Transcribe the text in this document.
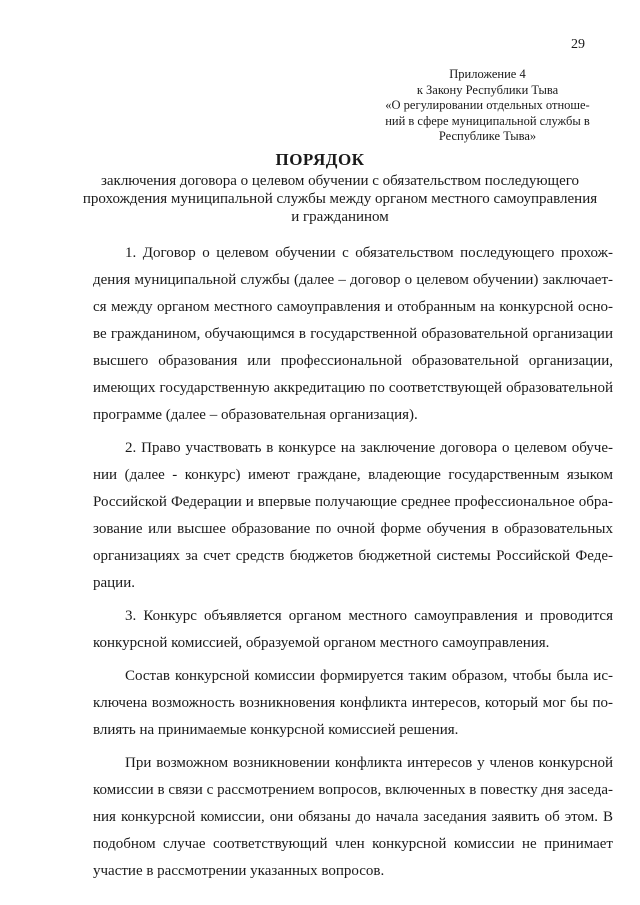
29
Приложение 4
к Закону Республики Тыва
«О регулировании отдельных отноше-
ний в сфере муниципальной службы в
Республике Тыва»
ПОРЯДОК
заключения договора о целевом обучении с обязательством последующего
прохождения муниципальной службы между органом местного самоуправления
и гражданином
1. Договор о целевом обучении с обязательством последующего прохож-
дения муниципальной службы (далее – договор о целевом обучении) заключает-
ся между органом местного самоуправления и отобранным на конкурсной осно-
ве гражданином, обучающимся в государственной образовательной организации
высшего образования или профессиональной образовательной организации,
имеющих государственную аккредитацию по соответствующей образовательной
программе (далее – образовательная организация).
2. Право участвовать в конкурсе на заключение договора о целевом обуче-
нии (далее - конкурс) имеют граждане, владеющие государственным языком
Российской Федерации и впервые получающие среднее профессиональное обра-
зование или высшее образование по очной форме обучения в образовательных
организациях за счет средств бюджетов бюджетной системы Российской Феде-
рации.
3. Конкурс объявляется органом местного самоуправления и проводится
конкурсной комиссией, образуемой органом местного самоуправления.
Состав конкурсной комиссии формируется таким образом, чтобы была ис-
ключена возможность возникновения конфликта интересов, который мог бы по-
влиять на принимаемые конкурсной комиссией решения.
При возможном возникновении конфликта интересов у членов конкурсной
комиссии в связи с рассмотрением вопросов, включенных в повестку дня заседа-
ния конкурсной комиссии, они обязаны до начала заседания заявить об этом. В
подобном случае соответствующий член конкурсной комиссии не принимает
участие в рассмотрении указанных вопросов.
